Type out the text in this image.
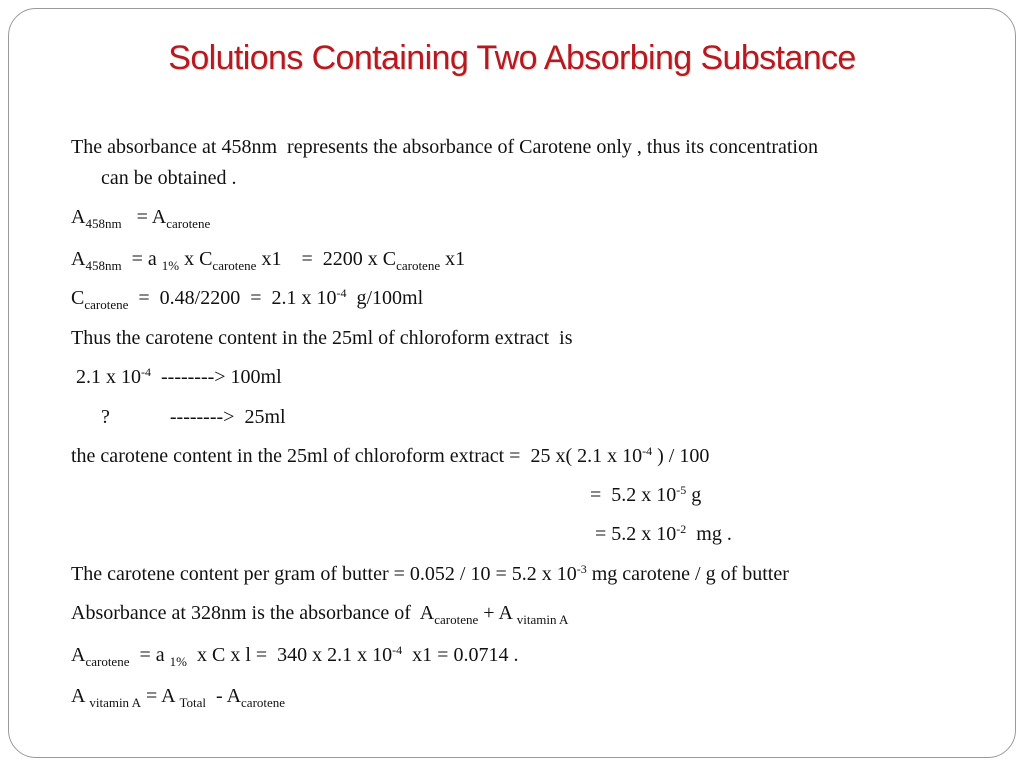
Solutions Containing Two Absorbing Substance
The absorbance at 458nm  represents the absorbance of Carotene only , thus its concentration
can be obtained .
$A_{458nm} = A_{carotene}$
$A_{458nm} = a$ $_{1\%}$ x $C_{carotene}$ x1    =  2200 x $C_{carotene}$ x1
$C_{carotene} = 0.48/2200 = 2.1$ x $10^{-4}$  g/100ml
Thus the carotene content in the 25ml of chloroform extract  is
2.1 x $10^{-4}$  --------> 100ml
?            -------->  25ml
the carotene content in the 25ml of chloroform extract =  25 x( 2.1 x $10^{-4}$ ) / 100
=  5.2 x $10^{-5}$ g
= 5.2 x $10^{-2}$  mg .
The carotene content per gram of butter = 0.052 / 10 = 5.2 x $10^{-3}$ mg carotene / g of butter
Absorbance at 328nm is the absorbance of  $A_{carotene} + A$ $_{vitamin A}$
$A_{carotene} = a$ $_{1\%}$  x C x l =  340 x 2.1 x $10^{-4}$  x1 = 0.0714 .
A $_{vitamin A}$ = A $_{Total} - A_{carotene}$
